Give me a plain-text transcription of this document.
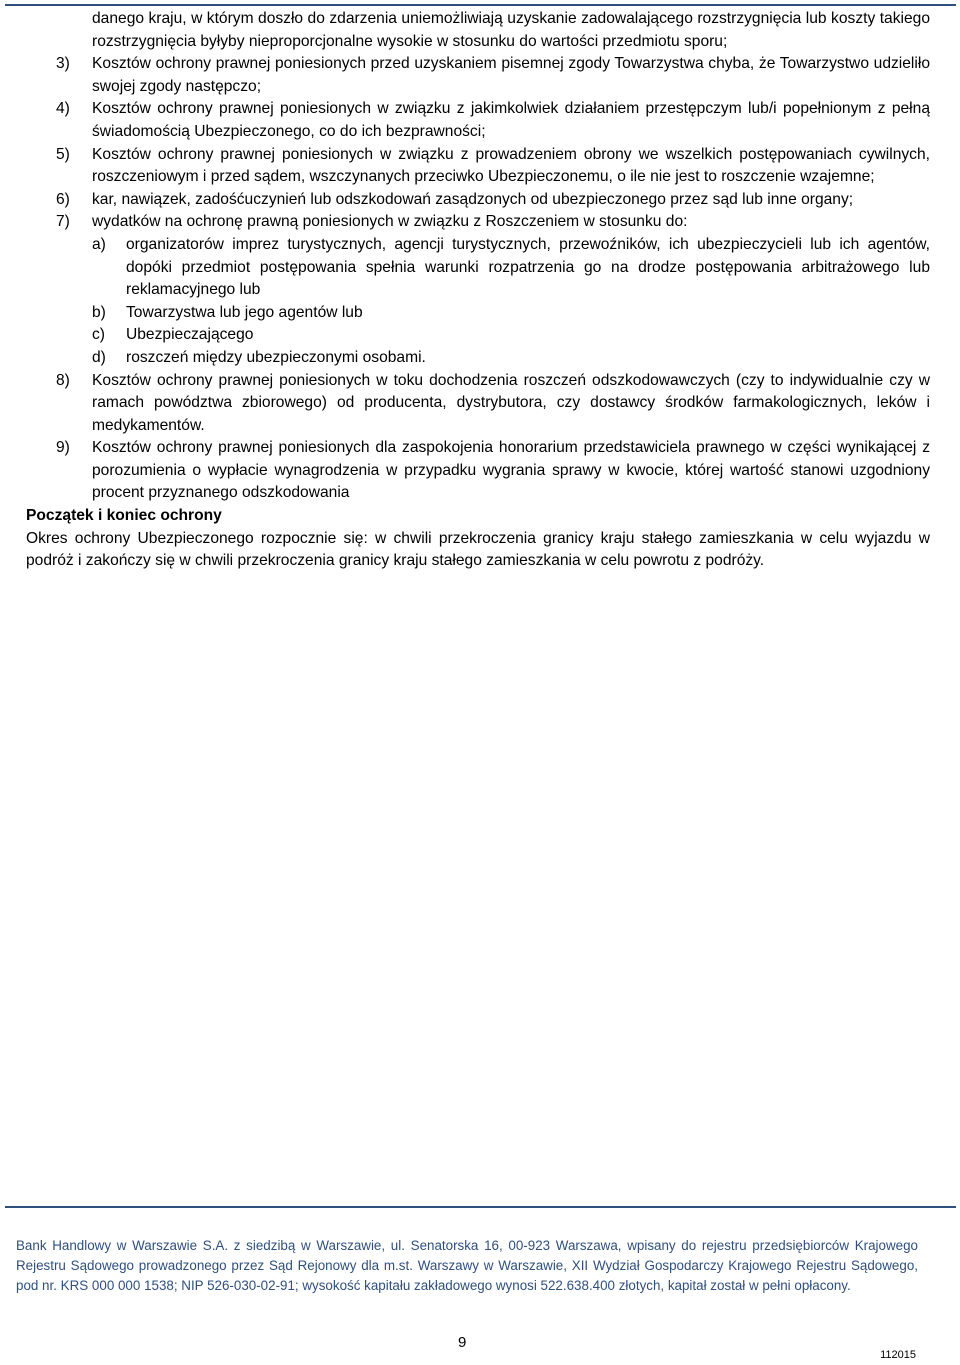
danego kraju, w którym doszło do zdarzenia uniemożliwiają uzyskanie zadowalającego rozstrzygnięcia lub koszty takiego rozstrzygnięcia byłyby nieproporcjonalne wysokie w stosunku do wartości przedmiotu sporu;
3)	Kosztów ochrony prawnej poniesionych przed uzyskaniem pisemnej zgody Towarzystwa chyba, że Towarzystwo udzieliło swojej zgody następczo;
4)	Kosztów ochrony prawnej poniesionych w związku z jakimkolwiek działaniem przestępczym lub/i popełnionym z pełną świadomością Ubezpieczonego, co do ich bezprawności;
5)	Kosztów ochrony prawnej poniesionych w związku z prowadzeniem obrony we wszelkich postępowaniach cywilnych, roszczeniowym i przed sądem, wszczynanych przeciwko Ubezpieczonemu, o ile nie jest to roszczenie wzajemne;
6)	kar, nawiązek, zadośćuczynień lub odszkodowań zasądzonych od ubezpieczonego przez sąd lub inne organy;
7)	wydatków na ochronę prawną poniesionych w związku z Roszczeniem w stosunku do:
a)	organizatorów imprez turystycznych, agencji turystycznych, przewoźników, ich ubezpieczycieli lub ich agentów, dopóki przedmiot postępowania spełnia warunki rozpatrzenia go na drodze postępowania arbitrażowego lub reklamacyjnego lub
b)	Towarzystwa lub jego agentów lub
c)	Ubezpieczającego
d)	roszczeń między ubezpieczonymi osobami.
8)	Kosztów ochrony prawnej poniesionych w toku dochodzenia roszczeń odszkodowawczych (czy to indywidualnie czy w ramach powództwa zbiorowego) od producenta, dystrybutora, czy dostawcy środków farmakologicznych, leków i medykamentów.
9)	Kosztów ochrony prawnej poniesionych dla zaspokojenia honorarium przedstawiciela prawnego w części wynikającej z porozumienia o wypłacie wynagrodzenia w przypadku wygrania sprawy w kwocie, której wartość stanowi uzgodniony procent przyznanego odszkodowania
Początek i koniec ochrony
Okres ochrony Ubezpieczonego rozpocznie się: w chwili przekroczenia granicy kraju stałego zamieszkania w celu wyjazdu w podróż i zakończy się w chwili przekroczenia granicy kraju stałego zamieszkania w celu powrotu z podróży.
Bank Handlowy w Warszawie S.A. z siedzibą w Warszawie, ul. Senatorska 16, 00-923 Warszawa, wpisany do rejestru przedsiębiorców Krajowego Rejestru Sądowego prowadzonego przez Sąd Rejonowy dla m.st. Warszawy w Warszawie, XII Wydział Gospodarczy Krajowego Rejestru Sądowego, pod nr. KRS 000 000 1538; NIP 526-030-02-91; wysokość kapitału zakładowego wynosi 522.638.400 złotych, kapitał został w pełni opłacony.
9
112015
